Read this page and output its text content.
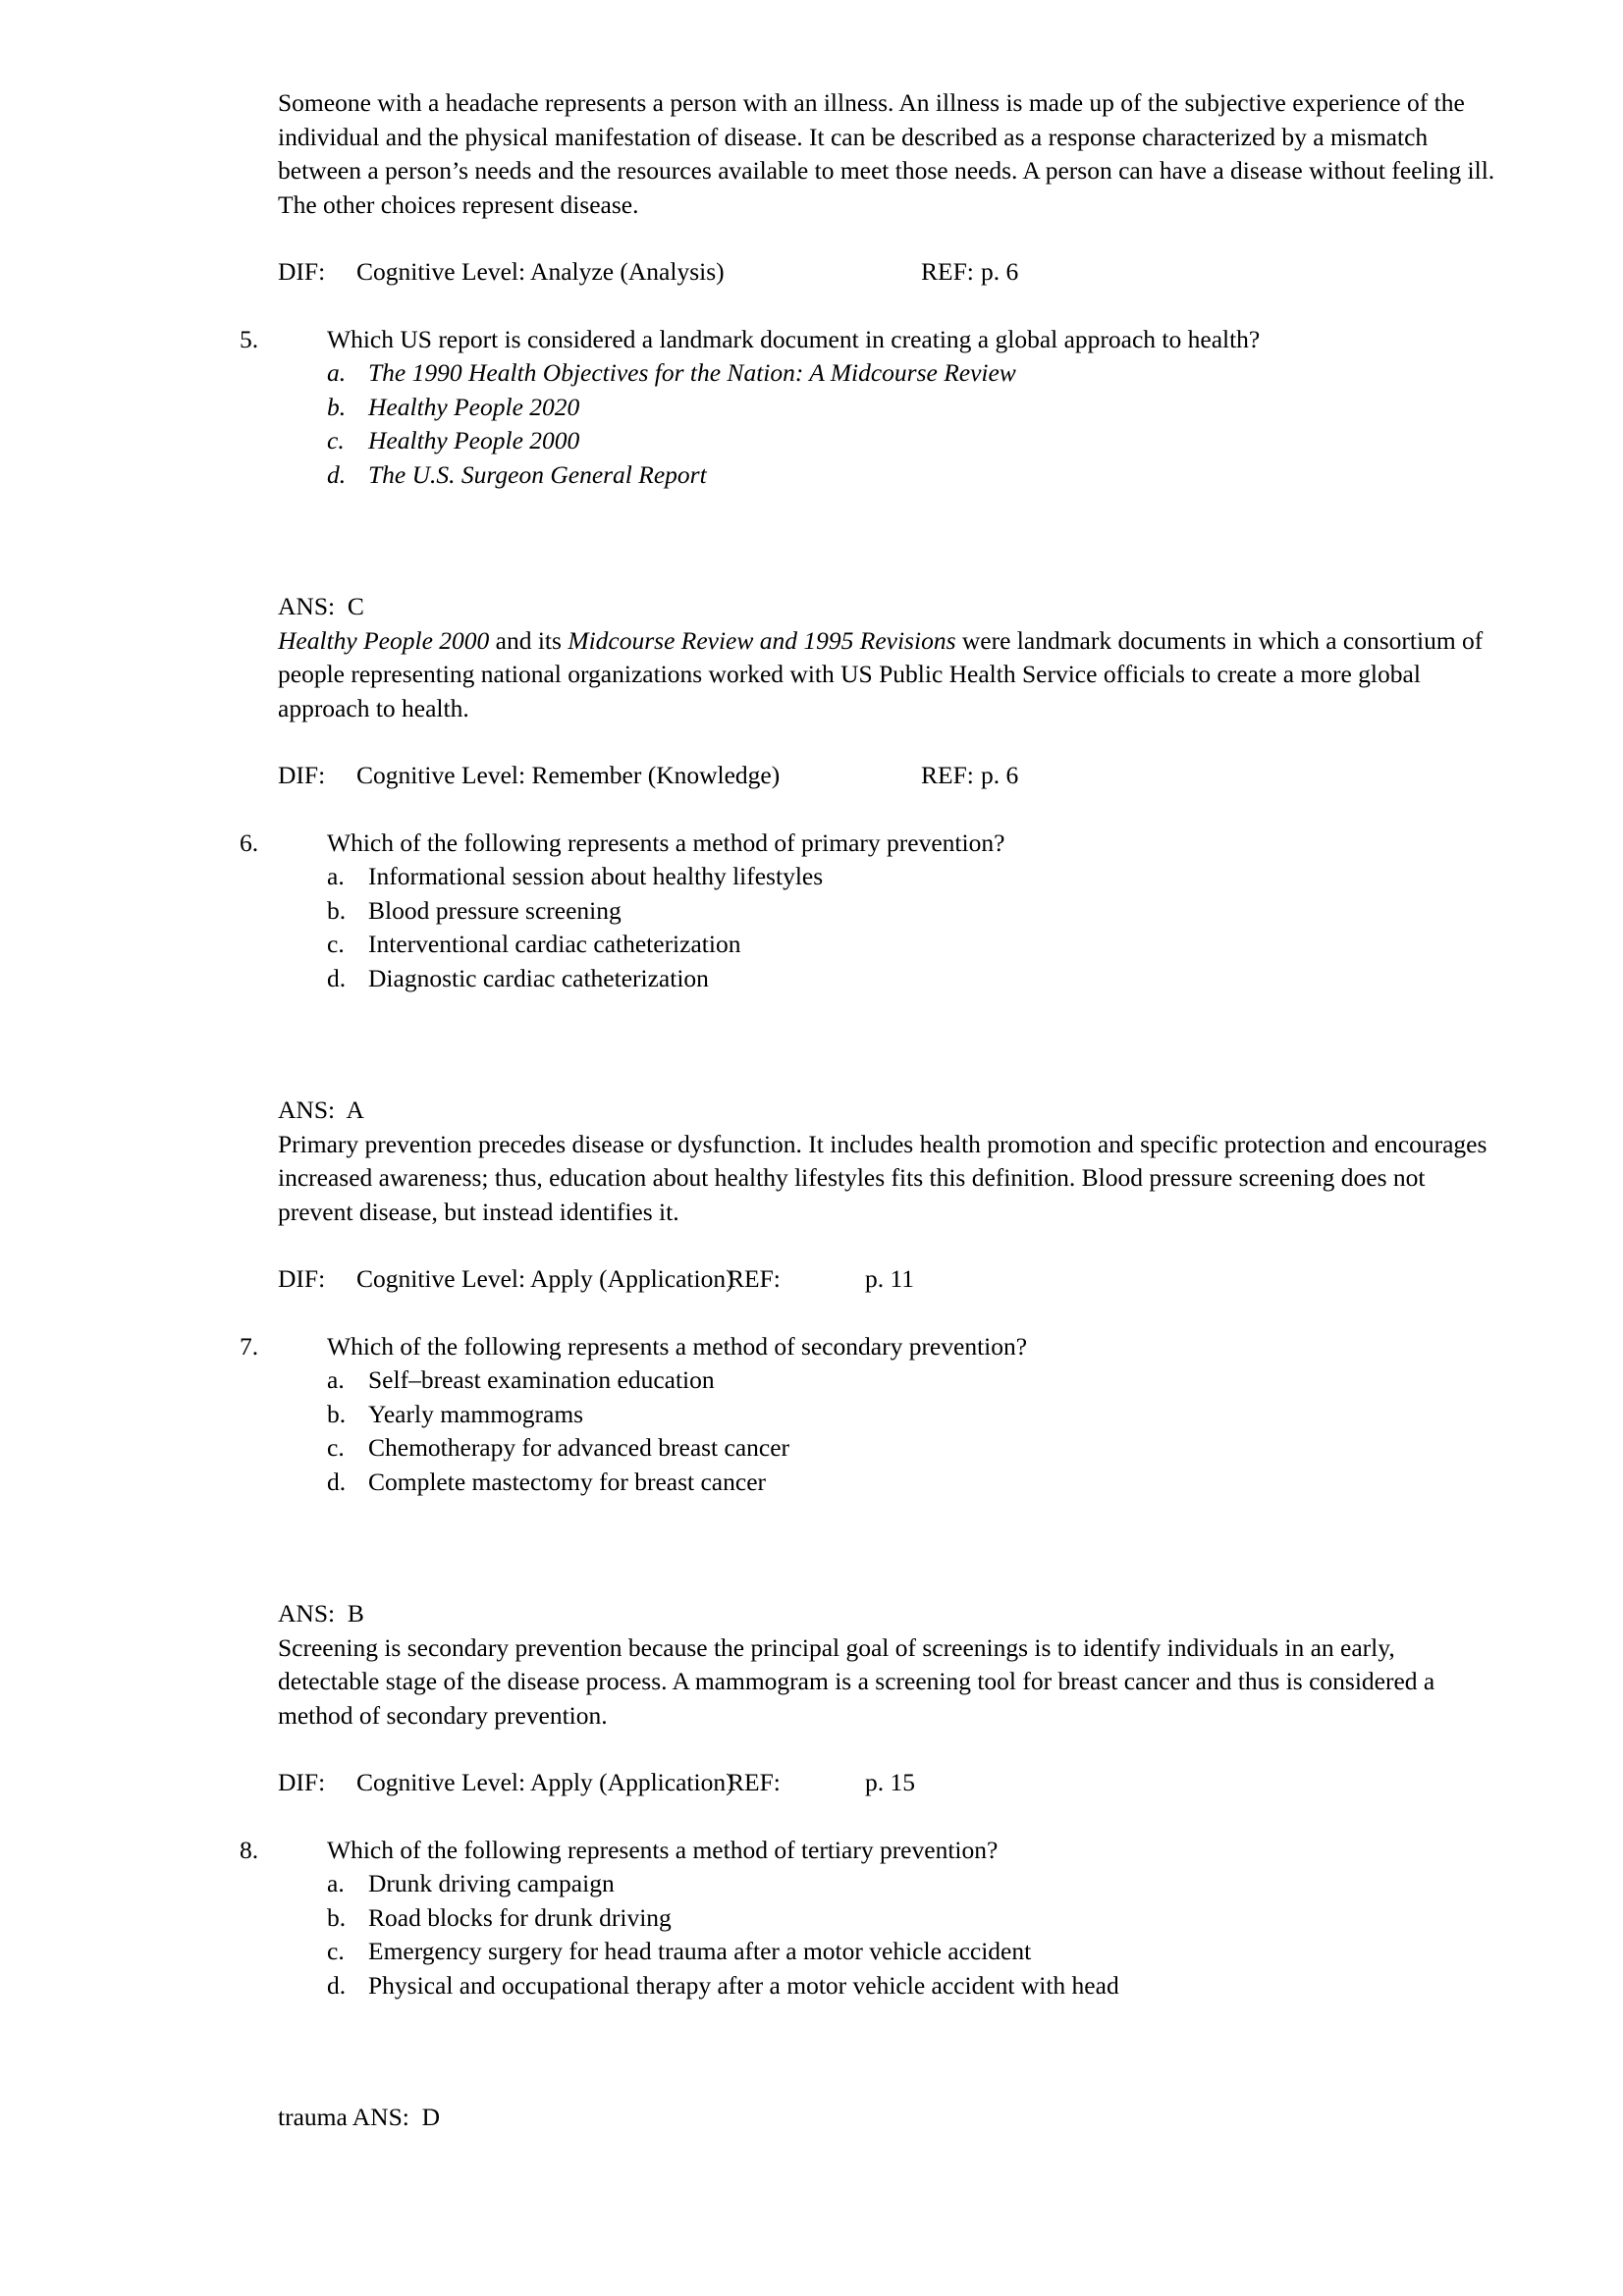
Someone with a headache represents a person with an illness. An illness is made up of the subjective experience of the individual and the physical manifestation of disease. It can be described as a response characterized by a mismatch between a person’s needs and the resources available to meet those needs. A person can have a disease without feeling ill. The other choices represent disease.

DIF: Cognitive Level: Analyze (Analysis)	REF: p. 6
5.	Which US report is considered a landmark document in creating a global approach to health?
a. The 1990 Health Objectives for the Nation: A Midcourse Review
b. Healthy People 2020
c. Healthy People 2000
d. The U.S. Surgeon General Report
ANS: C

Healthy People 2000 and its Midcourse Review and 1995 Revisions were landmark documents in which a consortium of people representing national organizations worked with US Public Health Service officials to create a more global approach to health.

DIF: Cognitive Level: Remember (Knowledge)	REF: p. 6
6.	Which of the following represents a method of primary prevention?
a. Informational session about healthy lifestyles
b. Blood pressure screening
c. Interventional cardiac catheterization
d. Diagnostic cardiac catheterization
ANS: A

Primary prevention precedes disease or dysfunction. It includes health promotion and specific protection and encourages increased awareness; thus, education about healthy lifestyles fits this definition. Blood pressure screening does not prevent disease, but instead identifies it.

DIF: Cognitive Level: Apply (Application)REF:	p. 11
7.	Which of the following represents a method of secondary prevention?
a. Self–breast examination education
b. Yearly mammograms
c. Chemotherapy for advanced breast cancer
d. Complete mastectomy for breast cancer
ANS: B

Screening is secondary prevention because the principal goal of screenings is to identify individuals in an early, detectable stage of the disease process. A mammogram is a screening tool for breast cancer and thus is considered a method of secondary prevention.

DIF: Cognitive Level: Apply (Application)REF:	p. 15
8.	Which of the following represents a method of tertiary prevention?
a. Drunk driving campaign
b. Road blocks for drunk driving
c. Emergency surgery for head trauma after a motor vehicle accident
d. Physical and occupational therapy after a motor vehicle accident with head
trauma ANS:  D
